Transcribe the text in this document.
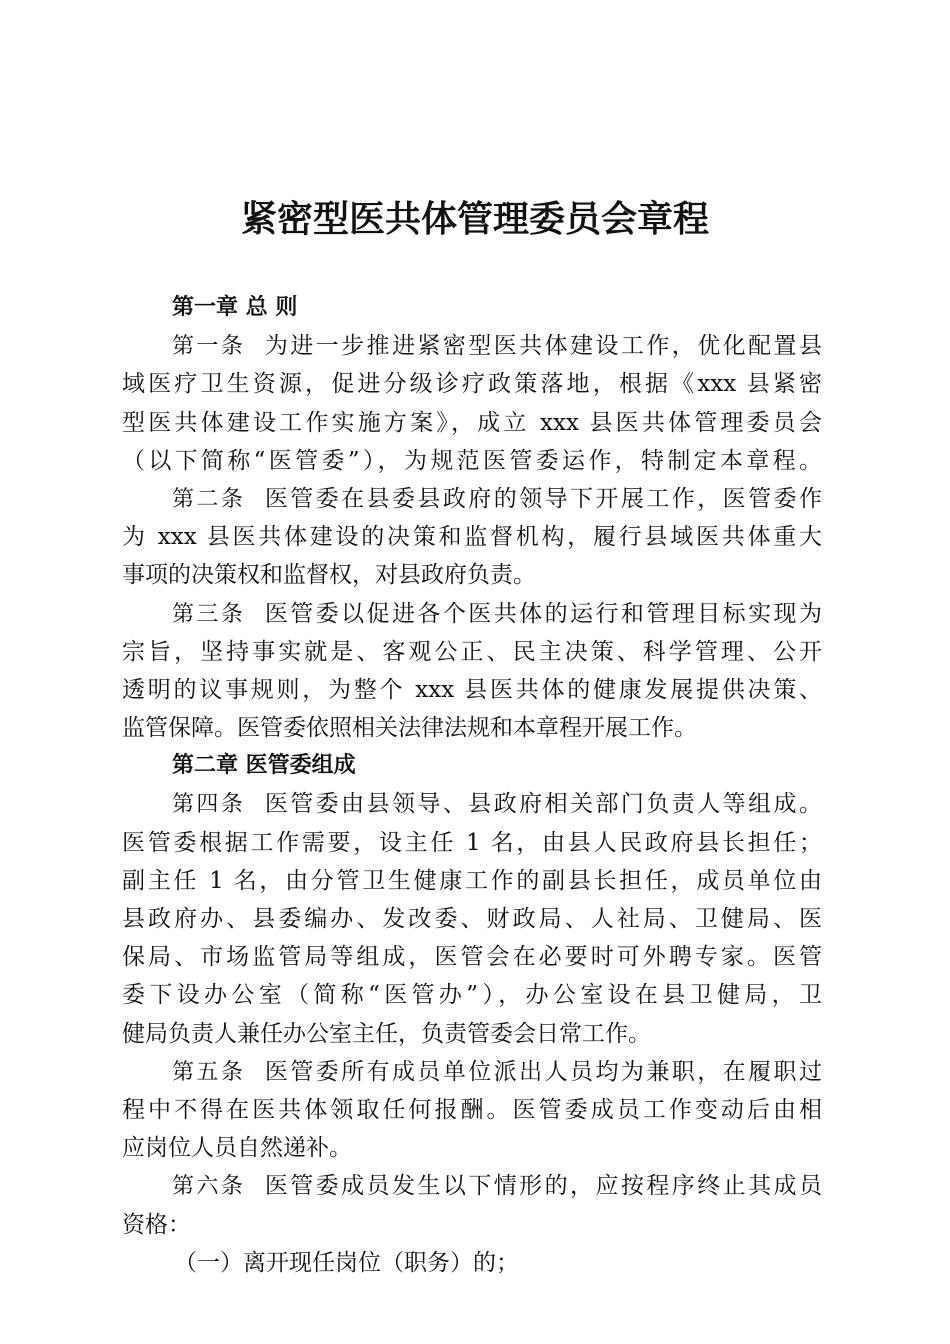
紧密型医共体管理委员会章程
第一章 总 则
第一条 为进一步推进紧密型医共体建设工作，优化配置县
域医疗卫生资源，促进分级诊疗政策落地，根据《xxx 县紧密
型医共体建设工作实施方案》，成立 xxx 县医共体管理委员会
（以下简称“医管委”），为规范医管委运作，特制定本章程。
第二条 医管委在县委县政府的领导下开展工作，医管委作
为 xxx 县医共体建设的决策和监督机构，履行县域医共体重大
事项的决策权和监督权，对县政府负责。
第三条 医管委以促进各个医共体的运行和管理目标实现为
宗旨，坚持事实就是、客观公正、民主决策、科学管理、公开
透明的议事规则，为整个 xxx 县医共体的健康发展提供决策、
监管保障。医管委依照相关法律法规和本章程开展工作。
第二章 医管委组成
第四条 医管委由县领导、县政府相关部门负责人等组成。
医管委根据工作需要，设主任 1 名，由县人民政府县长担任；
副主任 1 名，由分管卫生健康工作的副县长担任，成员单位由
县政府办、县委编办、发改委、财政局、人社局、卫健局、医
保局、市场监管局等组成，医管会在必要时可外聘专家。医管
委下设办公室（简称“医管办”），办公室设在县卫健局，卫
健局负责人兼任办公室主任，负责管委会日常工作。
第五条 医管委所有成员单位派出人员均为兼职，在履职过
程中不得在医共体领取任何报酬。医管委成员工作变动后由相
应岗位人员自然递补。
第六条 医管委成员发生以下情形的，应按程序终止其成员
资格：
（一）离开现任岗位（职务）的；
